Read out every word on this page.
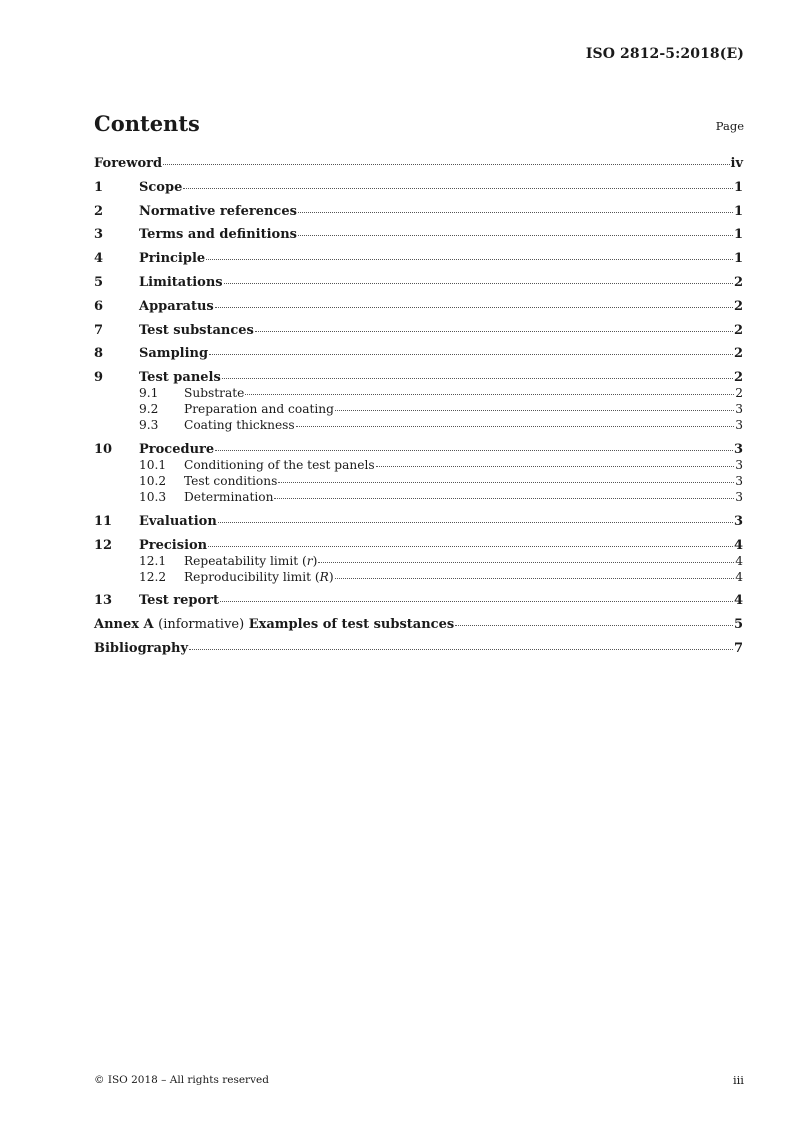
ISO 2812-5:2018(E)
Contents	Page
Foreword	iv
1	Scope	1
2	Normative references	1
3	Terms and definitions	1
4	Principle	1
5	Limitations	2
6	Apparatus	2
7	Test substances	2
8	Sampling	2
9	Test panels	2
9.1	Substrate	2
9.2	Preparation and coating	3
9.3	Coating thickness	3
10	Procedure	3
10.1	Conditioning of the test panels	3
10.2	Test conditions	3
10.3	Determination	3
11	Evaluation	3
12	Precision	4
12.1	Repeatability limit (r)	4
12.2	Reproducibility limit (R)	4
13	Test report	4
Annex A (informative) Examples of test substances	5
Bibliography	7
© ISO 2018 – All rights reserved	iii
